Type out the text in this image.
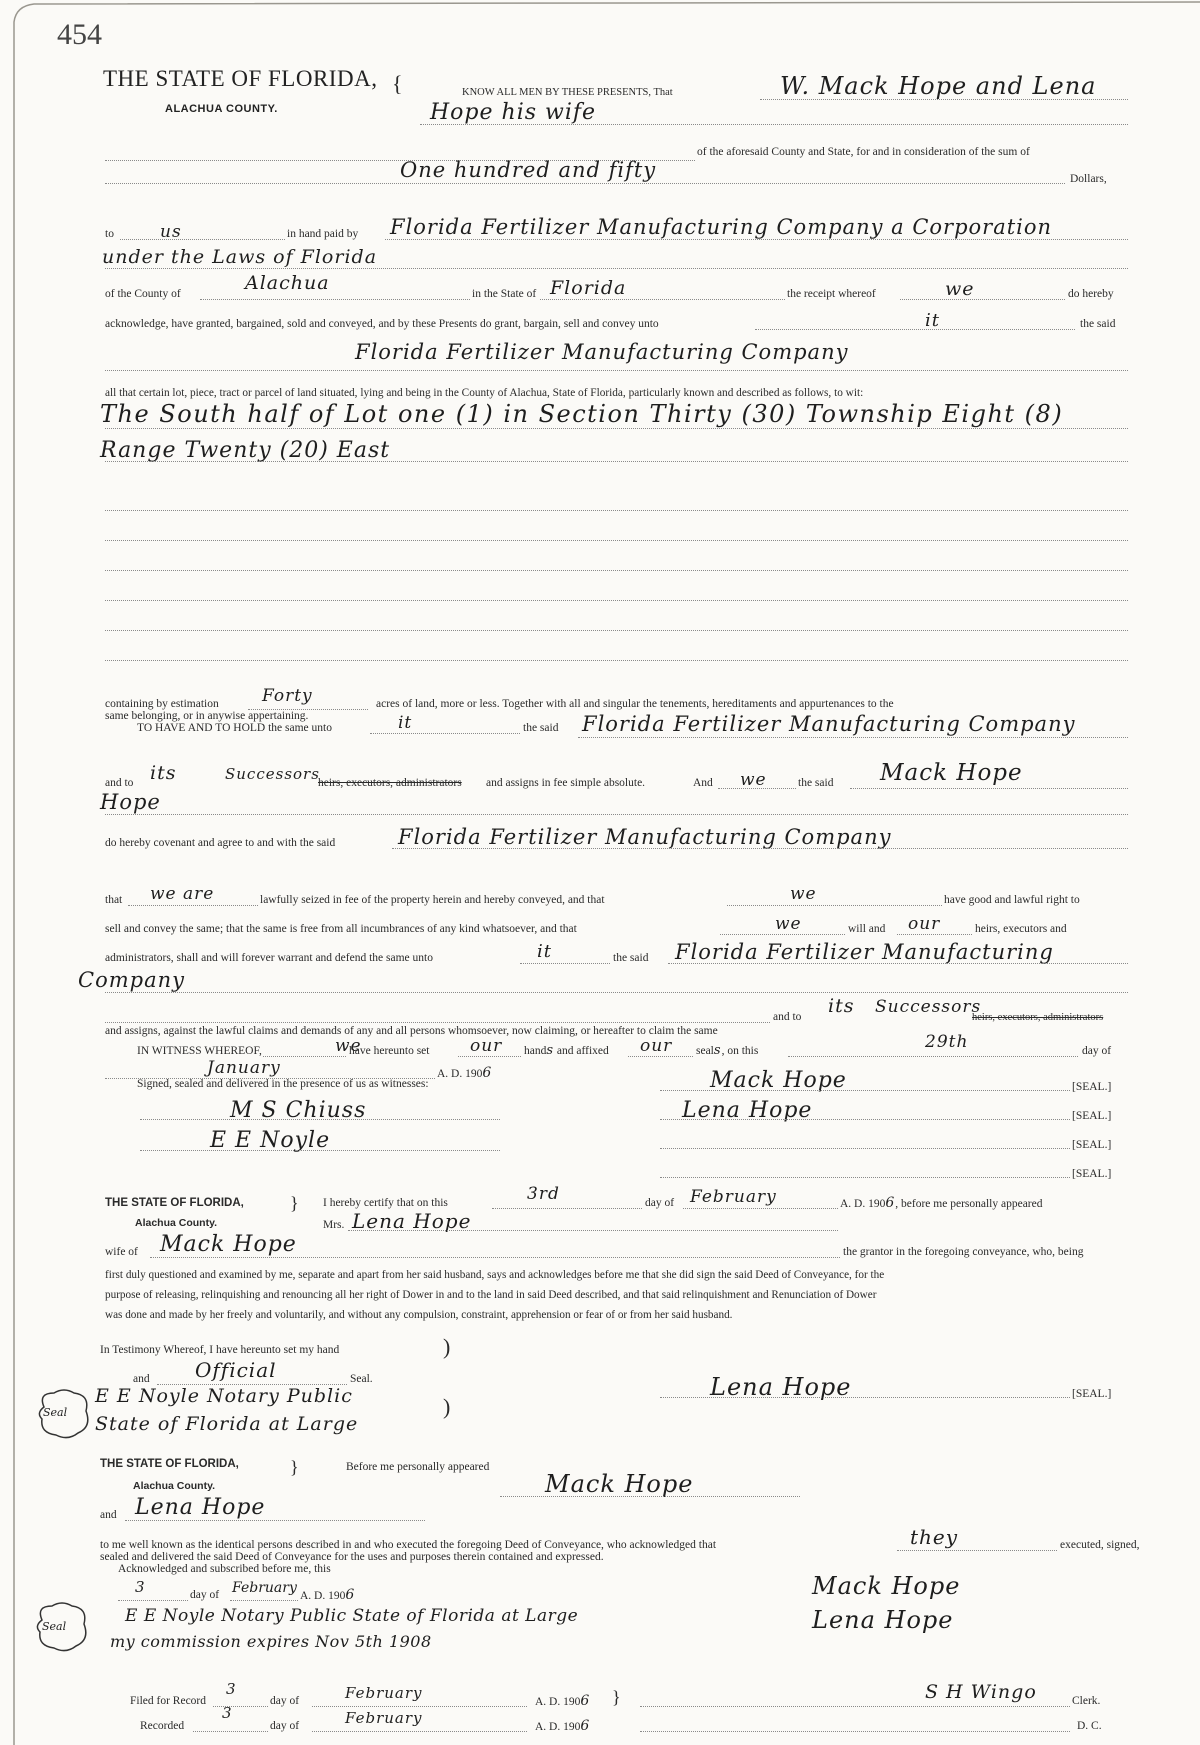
454
THE STATE OF FLORIDA, {
ALACHUA COUNTY.
KNOW ALL MEN BY THESE PRESENTS, That	W. Mack Hope and Lena
Hope his wife
of the aforesaid County and State, for and in consideration of the sum of
One hundred and fifty	Dollars,
to	us	in hand paid by Florida Fertilizer Manufacturing Company a Corporation
under the Laws of Florida
of the County of	Alachua	in the State of Florida	the receipt whereof	we	do hereby
acknowledge, have granted, bargained, sold and conveyed, and by these Presents do grant, bargain, sell and convey unto	it	the said
Florida Fertilizer Manufacturing Company
all that certain lot, piece, tract or parcel of land situated, lying and being in the County of Alachua, State of Florida, particularly known and described as follows, to wit:
The South half of Lot one (1) in Section Thirty (30) Township Eight (8)
Range Twenty (20) East
containing by estimation	Forty	acres of land, more or less. Together with all and singular the tenements, hereditaments and appurtenances to the
same belonging, or in anywise appertaining.
TO HAVE AND TO HOLD the same unto	it	the said Florida Fertilizer Manufacturing Company
and to its	Successors
heirs, executors, administrators and assigns in fee simple absolute.	And we	the said Mack Hope
Hope
do hereby covenant and agree to and with the said	Florida Fertilizer Manufacturing Company
that we are	lawfully seized in fee of the property herein and hereby conveyed, and that	we	have good and lawful right to
sell and convey the same; that the same is free from all incumbrances of any kind whatsoever, and that	we	will and our	heirs, executors and
administrators, shall and will forever warrant and defend the same unto	it	the said Florida Fertilizer Manufacturing
Company
and to its Successors
heirs, executors, administrators
and assigns, against the lawful claims and demands of any and all persons whomsoever, now claiming, or hereafter to claim the same
IN WITNESS WHEREOF,	we
have hereunto set our hands and affixed our seals, on this	29th	day of
January	A. D. 1906
Signed, sealed and delivered in the presence of us as witnesses:	Mack Hope	[SEAL.]
Lena Hope	[SEAL.]
[SEAL.]
[SEAL.]
M S Chiuss
E E Noyle
THE STATE OF FLORIDA,	}
Alachua County.
I hereby certify that on this	3rd	day of February	A. D. 1906, before me personally appeared
Mrs. Lena Hope
wife of Mack Hope	the grantor in the foregoing conveyance, who, being
first duly questioned and examined by me, separate and apart from her said husband, says and acknowledges before me that she did sign the said Deed of Conveyance, for the
purpose of releasing, relinquishing and renouncing all her right of Dower in and to the land in said Deed described, and that said relinquishment and Renunciation of Dower
was done and made by her freely and voluntarily, and without any compulsion, constraint, apprehension or fear of or from her said husband.
In Testimony Whereof, I have hereunto set my hand
and Official	Seal.
E E Noyle Notary Public
State of Florida at Large
Seal
)
)
Lena Hope	[SEAL.]
THE STATE OF FLORIDA,
Alachua County.
}	Before me personally appeared
Mack Hope
and Lena Hope
to me well known as the identical persons described in and who executed the foregoing Deed of Conveyance, who acknowledged that	they	executed, signed,
sealed and delivered the said Deed of Conveyance for the uses and purposes therein contained and expressed.
Acknowledged and subscribed before me, this
3	day of February A. D. 1906
Seal
E E Noyle Notary Public State of Florida at Large
my commission expires Nov 5th 1908
Mack Hope
Lena Hope
Filed for Record
3
day of	February	A. D. 1906 }	S H Wingo	Clerk.
Recorded
3
day of	February	A. D. 1906	D. C.
